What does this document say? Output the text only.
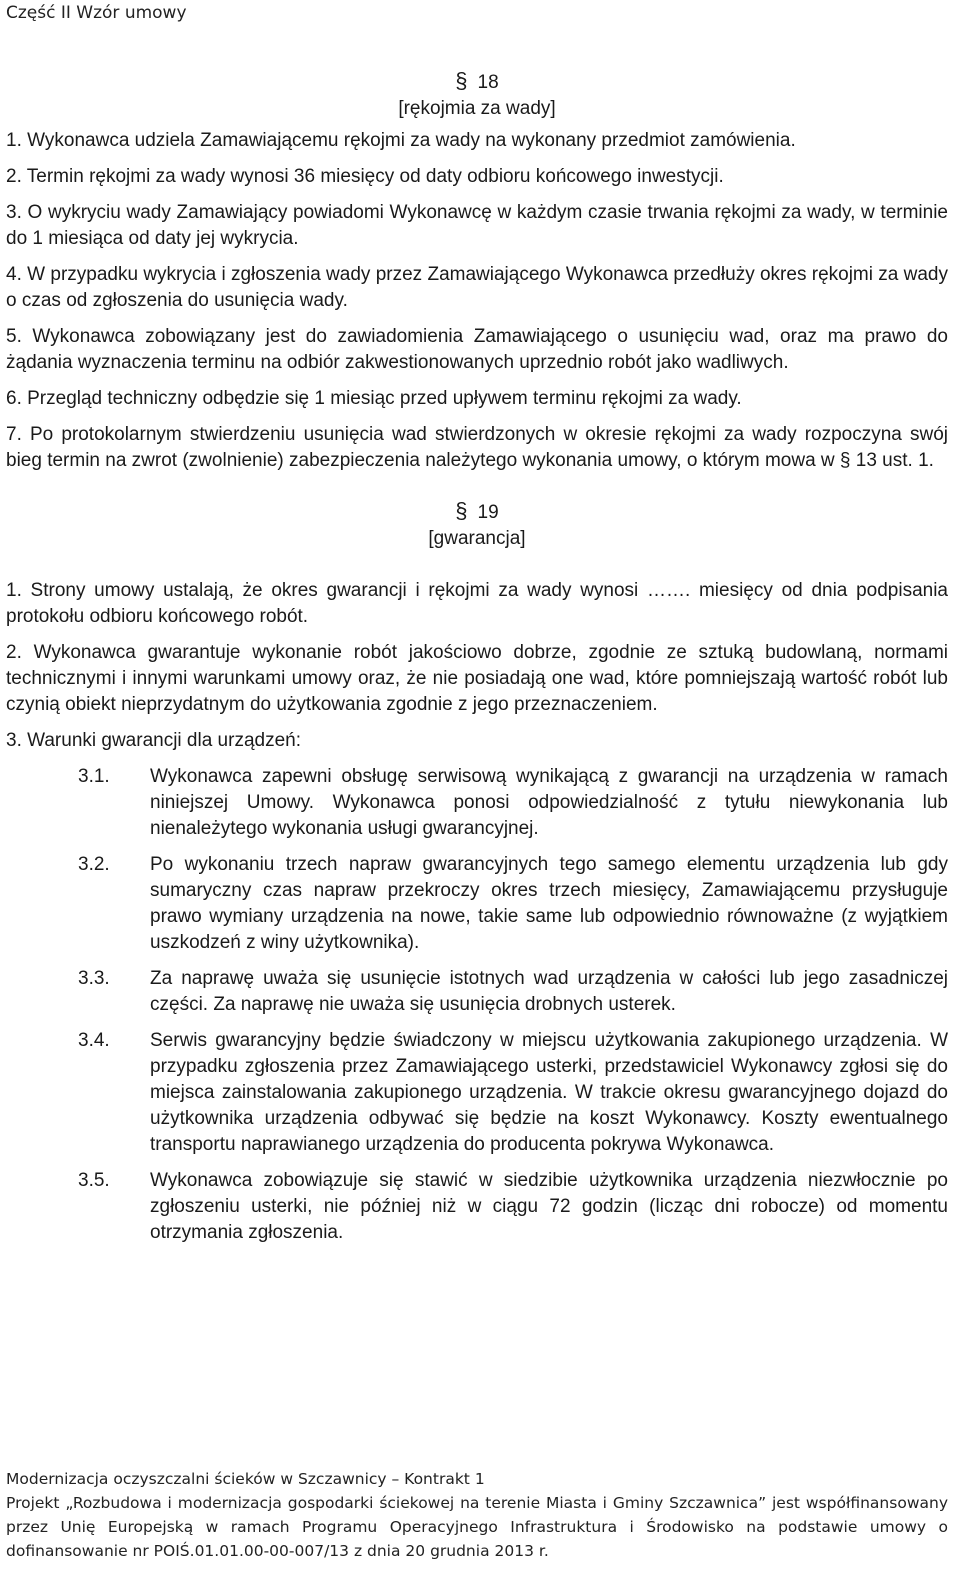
Część II Wzór umowy
§ 18
[rękojmia za wady]
1. Wykonawca udziela Zamawiającemu rękojmi za wady na wykonany przedmiot zamówienia.
2. Termin rękojmi za wady wynosi 36 miesięcy od daty odbioru końcowego inwestycji.
3. O wykryciu wady Zamawiający powiadomi Wykonawcę w każdym czasie trwania rękojmi za wady, w terminie do 1 miesiąca od daty jej wykrycia.
4. W przypadku wykrycia i zgłoszenia wady przez Zamawiającego Wykonawca przedłuży okres rękojmi za wady o czas od zgłoszenia do usunięcia wady.
5. Wykonawca zobowiązany jest do zawiadomienia Zamawiającego o usunięciu wad, oraz ma prawo do żądania wyznaczenia terminu na odbiór zakwestionowanych uprzednio robót jako wadliwych.
6. Przegląd techniczny odbędzie się 1 miesiąc przed upływem terminu rękojmi za wady.
7. Po protokolarnym stwierdzeniu usunięcia wad stwierdzonych w okresie rękojmi za wady rozpoczyna swój bieg termin na zwrot (zwolnienie) zabezpieczenia należytego wykonania umowy, o którym mowa w § 13 ust. 1.
§ 19
[gwarancja]
1. Strony umowy ustalają, że okres gwarancji i rękojmi za wady wynosi ……. miesięcy od dnia podpisania protokołu odbioru końcowego robót.
2. Wykonawca gwarantuje wykonanie robót jakościowo dobrze, zgodnie ze sztuką budowlaną, normami technicznymi i innymi warunkami umowy oraz, że nie posiadają one wad, które pomniejszają wartość robót lub czynią obiekt nieprzydatnym do użytkowania zgodnie z jego przeznaczeniem.
3. Warunki gwarancji dla urządzeń:
3.1.	Wykonawca zapewni obsługę serwisową wynikającą z gwarancji na urządzenia w ramach niniejszej Umowy. Wykonawca ponosi odpowiedzialność z tytułu niewykonania lub nienależytego wykonania usługi gwarancyjnej.
3.2.	Po wykonaniu trzech napraw gwarancyjnych tego samego elementu urządzenia lub gdy sumaryczny czas napraw przekroczy okres trzech miesięcy, Zamawiającemu przysługuje prawo wymiany urządzenia na nowe, takie same lub odpowiednio równoważne (z wyjątkiem uszkodzeń z winy użytkownika).
3.3.	Za naprawę uważa się usunięcie istotnych wad urządzenia w całości lub jego zasadniczej części. Za naprawę nie uważa się usunięcia drobnych usterek.
3.4.	Serwis gwarancyjny będzie świadczony w miejscu użytkowania zakupionego urządzenia. W przypadku zgłoszenia przez Zamawiającego usterki, przedstawiciel Wykonawcy zgłosi się do miejsca zainstalowania zakupionego urządzenia. W trakcie okresu gwarancyjnego dojazd do użytkownika urządzenia odbywać się będzie na koszt Wykonawcy. Koszty ewentualnego transportu naprawianego urządzenia do producenta pokrywa Wykonawca.
3.5.	Wykonawca zobowiązuje się stawić w siedzibie użytkownika urządzenia niezwłocznie po zgłoszeniu usterki, nie później niż w ciągu 72 godzin (licząc dni robocze) od momentu otrzymania zgłoszenia.
Modernizacja oczyszczalni ścieków w Szczawnicy – Kontrakt 1
Projekt „Rozbudowa i modernizacja gospodarki ściekowej na terenie Miasta i Gminy Szczawnica” jest współfinansowany przez Unię Europejską w ramach Programu Operacyjnego Infrastruktura i Środowisko na podstawie umowy o dofinansowanie nr POIŚ.01.01.00-00-007/13 z dnia 20 grudnia 2013 r.
